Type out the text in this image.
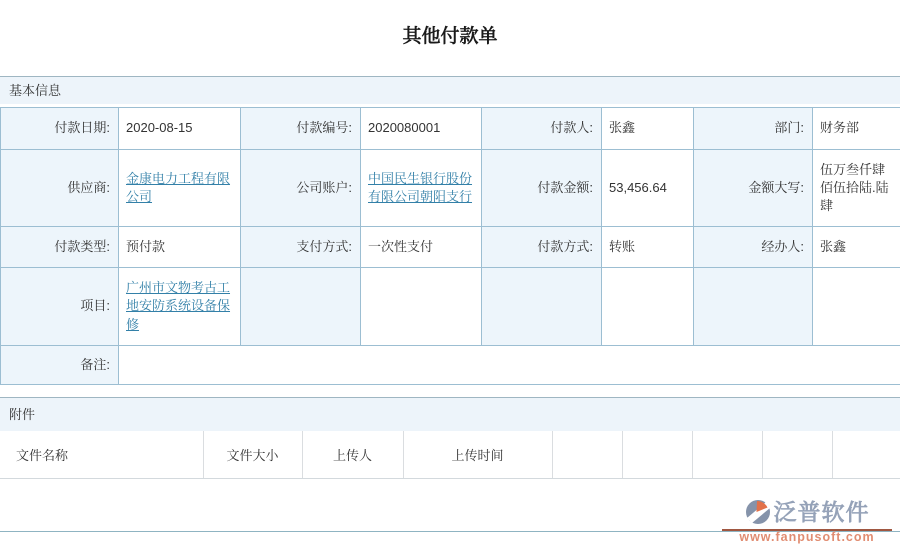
其他付款单
基本信息
付款日期:	2020-08-15	付款编号:	2020080001	付款人:	张鑫	部门:	财务部
供应商:	金康电力工程有限公司	公司账户:	中国民生银行股份有限公司朝阳支行	付款金额:	53,456.64	金额大写:	伍万叁仟肆佰伍拾陆.陆肆
付款类型:	预付款	支付方式:	一次性支付	付款方式:	转账	经办人:	张鑫
项目:	广州市文物考古工地安防系统设备保修						
备注:							
附件
文件名称	文件大小	上传人	上传时间					
泛普软件
www.fanpusoft.com
